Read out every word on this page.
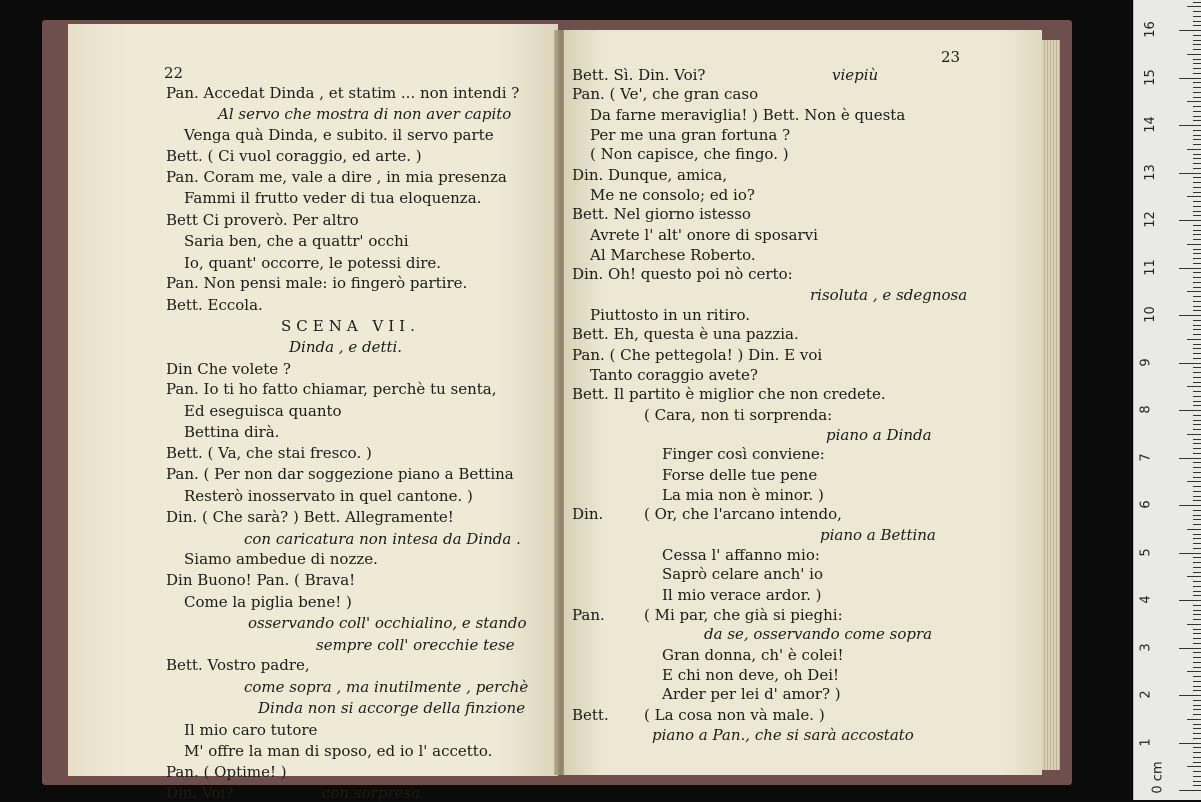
22
Pan. Accedat Dinda , et statim ... non intendi ?
Al servo che mostra di non aver capito
Venga quà Dinda, e subito. il servo parte
Bett. ( Ci vuol coraggio, ed arte. )
Pan. Coram me, vale a dire , in mia presenza
Fammi il frutto veder di tua eloquenza.
Bett Ci proverò. Per altro
Saria ben, che a quattr' occhi
Io, quant' occorre, le potessi dire.
Pan. Non pensi male: io fingerò partire.
Bett. Eccola.
SCENA VII.
Dinda , e detti.
Din Che volete ?
Pan. Io ti ho fatto chiamar, perchè tu senta,
Ed eseguisca quanto
Bettina dirà.
Bett. ( Va, che stai fresco. )
Pan. ( Per non dar soggezione piano a Bettina
Resterò inosservato in quel cantone. )
Din. ( Che sarà? ) Bett. Allegramente!
con caricatura non intesa da Dinda .
Siamo ambedue di nozze.
Din Buono! Pan. ( Brava!
Come la piglia bene! )
osservando coll' occhialino, e stando
sempre coll' orecchie tese
Bett. Vostro padre,
come sopra , ma inutilmente , perchè
Dinda non si accorge della finzione
Il mio caro tutore
M' offre la man di sposo, ed io l' accetto.
Pan. ( Optime! )
Din. Voi?	con sorpresa
23
Bett. Sì. Din. Voi?	viepiù
Pan. ( Ve', che gran caso
Da farne meraviglia! ) Bett. Non è questa
Per me una gran fortuna ?
( Non capisce, che fingo. )
Din. Dunque, amica,
Me ne consolo; ed io?
Bett. Nel giorno istesso
Avrete l' alt' onore di sposarvi
Al Marchese Roberto.
Din. Oh! questo poi nò certo:
risoluta , e sdegnosa
Piuttosto in un ritiro.
Bett. Eh, questa è una pazzia.
Pan. ( Che pettegola! ) Din. E voi
Tanto coraggio avete?
Bett. Il partito è miglior che non credete.
( Cara, non ti sorprenda:
piano a Dinda
Finger così conviene:
Forse delle tue pene
La mia non è minor. )
Din.	( Or, che l'arcano intendo,
piano a Bettina
Cessa l' affanno mio:
Saprò celare anch' io
Il mio verace ardor. )
Pan.	( Mi par, che già si pieghi:
da se, osservando come sopra
Gran donna, ch' è colei!
E chi non deve, oh Dei!
Arder per lei d' amor? )
Bett. ( La cosa non và male. )
piano a Pan., che si sarà accostato
0 cm
1
2
3
4
5
6
7
8
9
10
11
12
13
14
15
16
